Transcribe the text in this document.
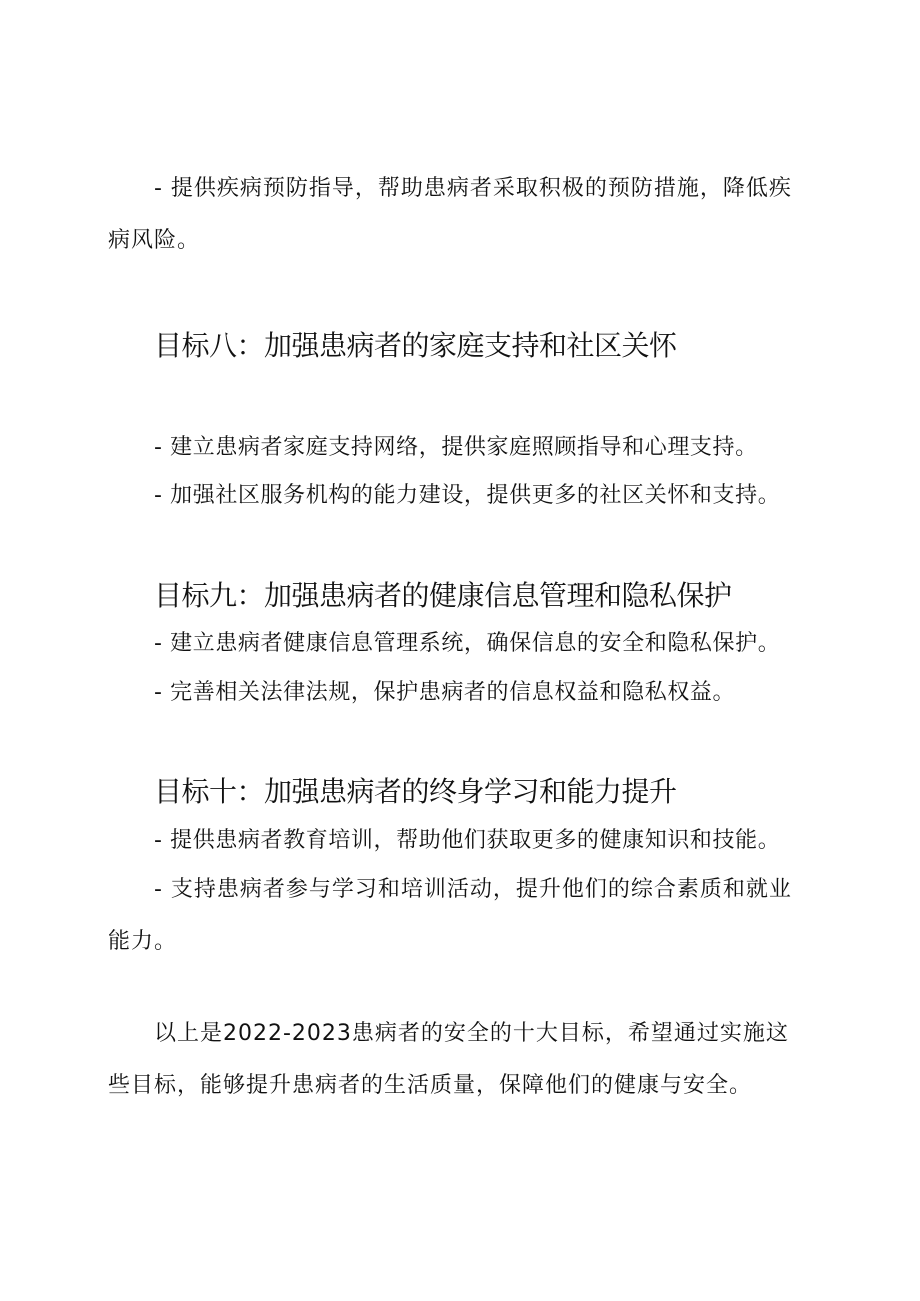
- 提供疾病预防指导，帮助患病者采取积极的预防措施，降低疾病风险。

目标八：加强患病者的家庭支持和社区关怀

- 建立患病者家庭支持网络，提供家庭照顾指导和心理支持。

- 加强社区服务机构的能力建设，提供更多的社区关怀和支持。

目标九：加强患病者的健康信息管理和隐私保护

- 建立患病者健康信息管理系统，确保信息的安全和隐私保护。

- 完善相关法律法规，保护患病者的信息权益和隐私权益。

目标十：加强患病者的终身学习和能力提升

- 提供患病者教育培训，帮助他们获取更多的健康知识和技能。

- 支持患病者参与学习和培训活动，提升他们的综合素质和就业能力。

以上是2022-2023患病者的安全的十大目标，希望通过实施这些目标，能够提升患病者的生活质量，保障他们的健康与安全。
